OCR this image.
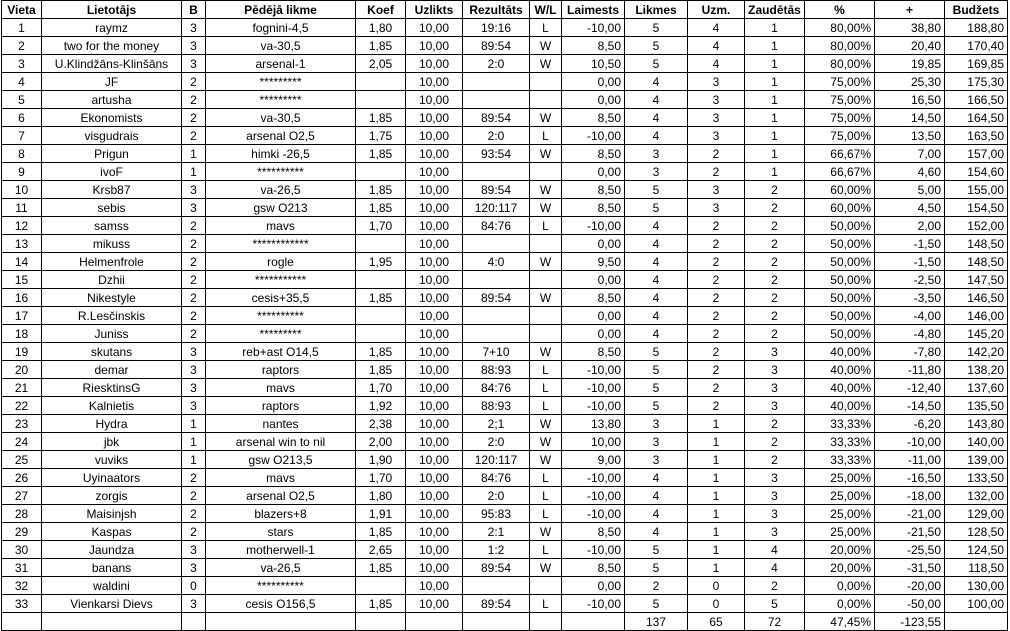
Vieta	Lietotājs	B	Pēdējā likme	Koef	Uzlikts	Rezultāts	W/L	Laimests	Likmes	Uzm.	Zaudētās	%	+	Budžets
1	raymz	3	fognini-4,5	1,80	10,00	19:16	L	-10,00	5	4	1	80,00%	38,80	188,80
2	two for the money	3	va-30,5	1,85	10,00	89:54	W	8,50	5	4	1	80,00%	20,40	170,40
3	U.Klindžāns-Klinšāns	3	arsenal-1	2,05	10,00	2:0	W	10,50	5	4	1	80,00%	19,85	169,85
4	JF	2	*********		10,00			0,00	4	3	1	75,00%	25,30	175,30
5	artusha	2	*********		10,00			0,00	4	3	1	75,00%	16,50	166,50
6	Ekonomists	2	va-30,5	1,85	10,00	89:54	W	8,50	4	3	1	75,00%	14,50	164,50
7	visgudrais	2	arsenal O2,5	1,75	10,00	2:0	L	-10,00	4	3	1	75,00%	13,50	163,50
8	Prigun	1	himki -26,5	1,85	10,00	93:54	W	8,50	3	2	1	66,67%	7,00	157,00
9	ivoF	1	**********		10,00			0,00	3	2	1	66,67%	4,60	154,60
10	Krsb87	3	va-26,5	1,85	10,00	89:54	W	8,50	5	3	2	60,00%	5,00	155,00
11	sebis	3	gsw O213	1,85	10,00	120:117	W	8,50	5	3	2	60,00%	4,50	154,50
12	samss	2	mavs	1,70	10,00	84:76	L	-10,00	4	2	2	50,00%	2,00	152,00
13	mikuss	2	************		10,00			0,00	4	2	2	50,00%	-1,50	148,50
14	Helmenfrole	2	rogle	1,95	10,00	4:0	W	9,50	4	2	2	50,00%	-1,50	148,50
15	Dzhii	2	***********		10,00			0,00	4	2	2	50,00%	-2,50	147,50
16	Nikestyle	2	cesis+35,5	1,85	10,00	89:54	W	8,50	4	2	2	50,00%	-3,50	146,50
17	R.Lesčinskis	2	**********		10,00			0,00	4	2	2	50,00%	-4,00	146,00
18	Juniss	2	*********		10,00			0,00	4	2	2	50,00%	-4,80	145,20
19	skutans	3	reb+ast O14,5	1,85	10,00	7+10	W	8,50	5	2	3	40,00%	-7,80	142,20
20	demar	3	raptors	1,85	10,00	88:93	L	-10,00	5	2	3	40,00%	-11,80	138,20
21	RiesktinsG	3	mavs	1,70	10,00	84:76	L	-10,00	5	2	3	40,00%	-12,40	137,60
22	Kalnietis	3	raptors	1,92	10,00	88:93	L	-10,00	5	2	3	40,00%	-14,50	135,50
23	Hydra	1	nantes	2,38	10,00	2;1	W	13,80	3	1	2	33,33%	-6,20	143,80
24	jbk	1	arsenal win to nil	2,00	10,00	2:0	W	10,00	3	1	2	33,33%	-10,00	140,00
25	vuviks	1	gsw O213,5	1,90	10,00	120:117	W	9,00	3	1	2	33,33%	-11,00	139,00
26	Uyinaators	2	mavs	1,70	10,00	84:76	L	-10,00	4	1	3	25,00%	-16,50	133,50
27	zorgis	2	arsenal O2,5	1,80	10,00	2:0	L	-10,00	4	1	3	25,00%	-18,00	132,00
28	Maisinjsh	2	blazers+8	1,91	10,00	95:83	L	-10,00	4	1	3	25,00%	-21,00	129,00
29	Kaspas	2	stars	1,85	10,00	2:1	W	8,50	4	1	3	25,00%	-21,50	128,50
30	Jaundza	3	motherwell-1	2,65	10,00	1:2	L	-10,00	5	1	4	20,00%	-25,50	124,50
31	banans	3	va-26,5	1,85	10,00	89:54	W	8,50	5	1	4	20,00%	-31,50	118,50
32	waldini	0	**********		10,00			0,00	2	0	2	0,00%	-20,00	130,00
33	Vienkarsi Dievs	3	cesis O156,5	1,85	10,00	89:54	L	-10,00	5	0	5	0,00%	-50,00	100,00
									137	65	72	47,45%	-123,55	
